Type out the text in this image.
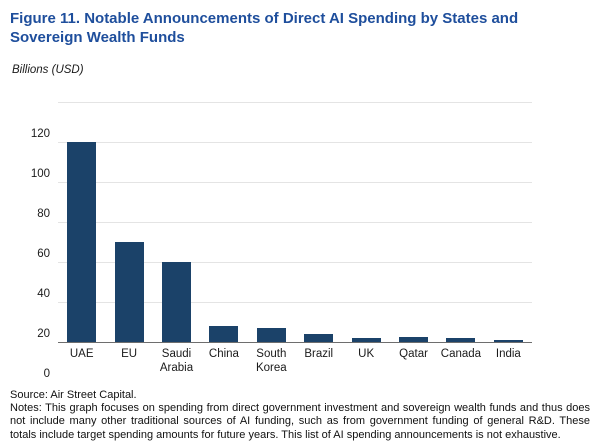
Figure 11. Notable Announcements of Direct AI Spending by States and Sovereign Wealth Funds
Billions (USD)
0
20
40
60
80
100
120
UAE	EU	Saudi Arabia
China	South Korea
Brazil	UK	Qatar	Canada	India
Source: Air Street Capital.
Notes: This graph focuses on spending from direct government investment and sovereign wealth funds and thus does not include many other traditional sources of AI funding, such as from government funding of general R&D. These totals include target spending amounts for future years. This list of AI spending announcements is not exhaustive.
